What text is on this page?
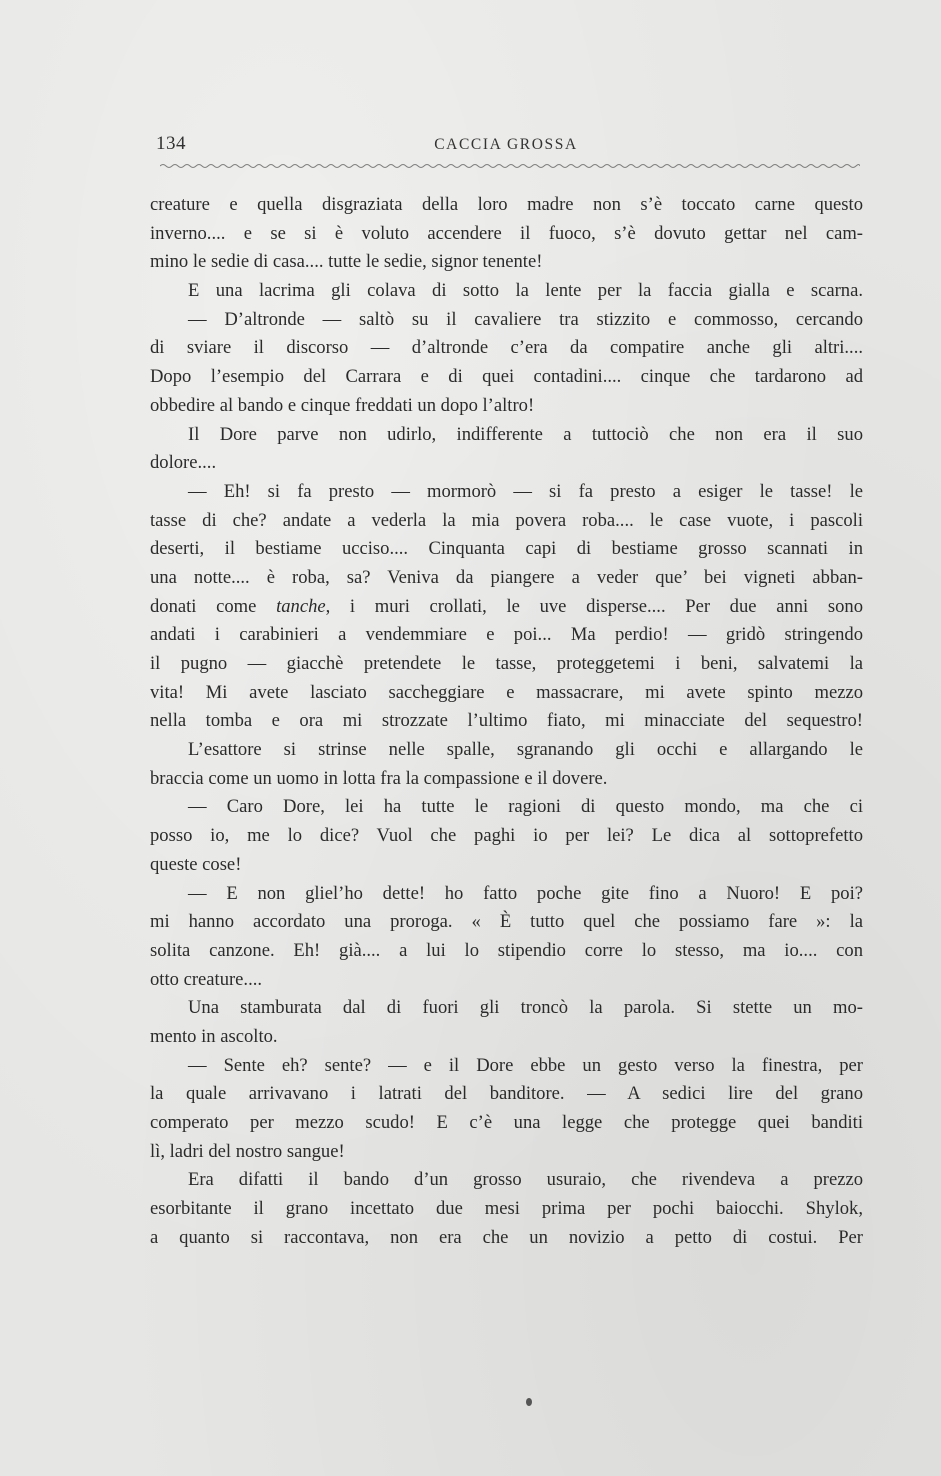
134	CACCIA GROSSA
creature e quella disgraziata della loro madre non s’è toccato carne questo
inverno.... e se si è voluto accendere il fuoco, s’è dovuto gettar nel cam-
mino le sedie di casa.... tutte le sedie, signor tenente!
E una lacrima gli colava di sotto la lente per la faccia gialla e scarna.
— D’altronde — saltò su il cavaliere tra stizzito e commosso, cercando
di sviare il discorso — d’altronde c’era da compatire anche gli altri....
Dopo l’esempio del Carrara e di quei contadini.... cinque che tardarono ad
obbedire al bando e cinque freddati un dopo l’altro!
Il Dore parve non udirlo, indifferente a tuttociò che non era il suo
dolore....
— Eh! si fa presto — mormorò — si fa presto a esiger le tasse! le
tasse di che? andate a vederla la mia povera roba.... le case vuote, i pascoli
deserti, il bestiame ucciso.... Cinquanta capi di bestiame grosso scannati in
una notte.... è roba, sa? Veniva da piangere a veder que’ bei vigneti abban-
donati come tanche, i muri crollati, le uve disperse.... Per due anni sono
andati i carabinieri a vendemmiare e poi... Ma perdio! — gridò stringendo
il pugno — giacchè pretendete le tasse, proteggetemi i beni, salvatemi la
vita! Mi avete lasciato saccheggiare e massacrare, mi avete spinto mezzo
nella tomba e ora mi strozzate l’ultimo fiato, mi minacciate del sequestro!
L’esattore si strinse nelle spalle, sgranando gli occhi e allargando le
braccia come un uomo in lotta fra la compassione e il dovere.
— Caro Dore, lei ha tutte le ragioni di questo mondo, ma che ci
posso io, me lo dice? Vuol che paghi io per lei? Le dica al sottoprefetto
queste cose!
— E non gliel’ho dette! ho fatto poche gite fino a Nuoro! E poi?
mi hanno accordato una proroga. « È tutto quel che possiamo fare »: la
solita canzone. Eh! già.... a lui lo stipendio corre lo stesso, ma io.... con
otto creature....
Una stamburata dal di fuori gli troncò la parola. Si stette un mo-
mento in ascolto.
— Sente eh? sente? — e il Dore ebbe un gesto verso la finestra, per
la quale arrivavano i latrati del banditore. — A sedici lire del grano
comperato per mezzo scudo! E c’è una legge che protegge quei banditi
lì, ladri del nostro sangue!
Era difatti il bando d’un grosso usuraio, che rivendeva a prezzo
esorbitante il grano incettato due mesi prima per pochi baiocchi. Shylok,
a quanto si raccontava, non era che un novizio a petto di costui. Per
